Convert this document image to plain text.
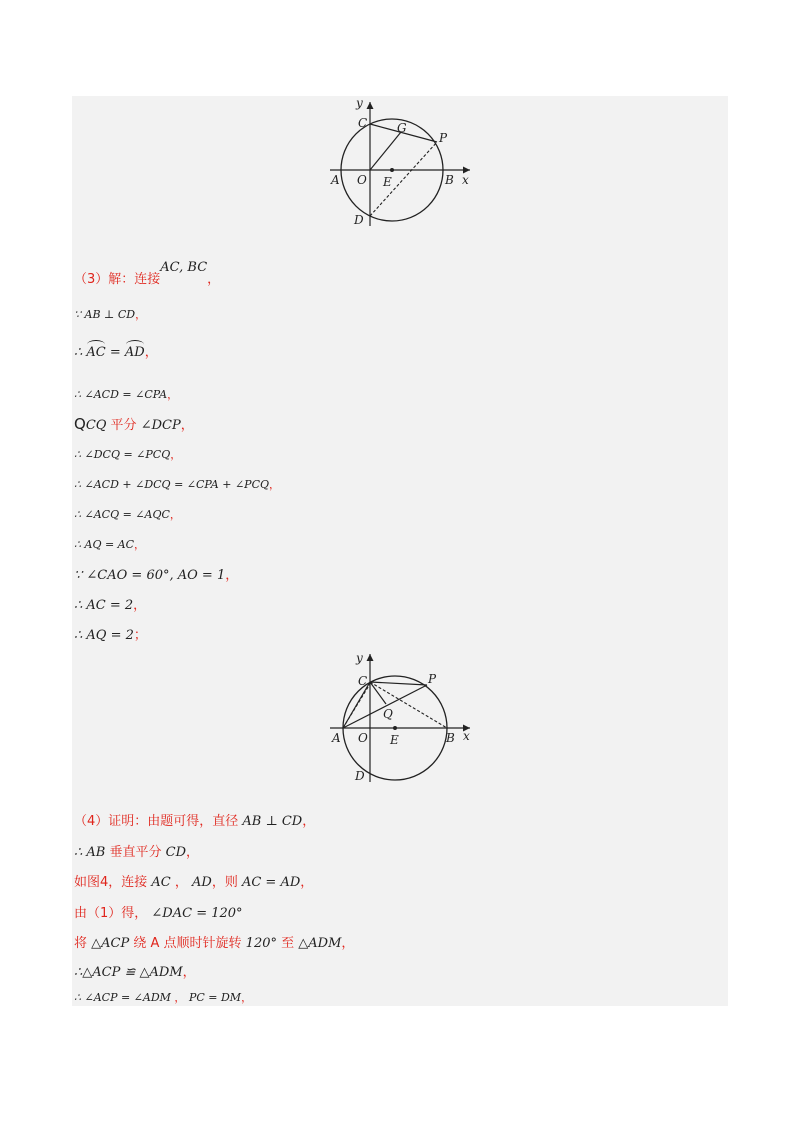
y
C G
P
A O E	B x
D
（3）解：连接AC, BC，
∵ AB ⊥ CD，
∴ AC = AD，
∴ ∠ACD = ∠CPA，
QCQ 平分 ∠DCP，
∴ ∠DCQ = ∠PCQ，
∴ ∠ACD + ∠DCQ = ∠CPA + ∠PCQ，
∴ ∠ACQ = ∠AQC，
∴ AQ = AC，
∵ ∠CAO = 60°, AO = 1，
∴ AC = 2，
∴ AQ = 2；
y
C	P
Q
A O E	B x
D
（4）证明：由题可得，直径 AB ⊥ CD，
∴ AB 垂直平分 CD，
如图4，连接 AC ， AD，则 AC = AD，
由（1）得， ∠DAC = 120°
将 △ACP 绕 A 点顺时针旋转 120° 至 △ADM，
∴△ACP ≌ △ADM，
∴ ∠ACP = ∠ADM ， PC = DM，
